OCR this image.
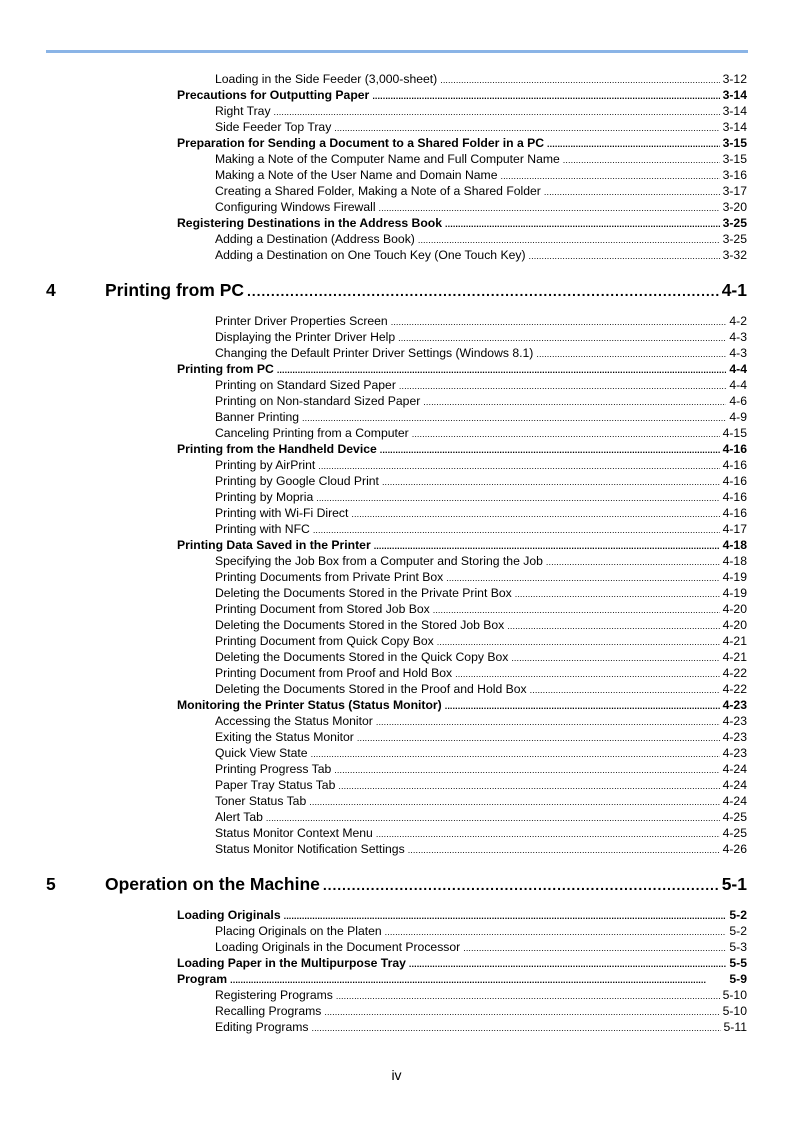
Loading in the Side Feeder (3,000-sheet) . . .	3-12
Precautions for Outputting Paper . . .	3-14
Right Tray . . .	3-14
Side Feeder Top Tray . . .	3-14
Preparation for Sending a Document to a Shared Folder in a PC . . .	3-15
Making a Note of the Computer Name and Full Computer Name . . .	3-15
Making a Note of the User Name and Domain Name . . .	3-16
Creating a Shared Folder, Making a Note of a Shared Folder . . .	3-17
Configuring Windows Firewall . . .	3-20
Registering Destinations in the Address Book . . .	3-25
Adding a Destination (Address Book) . . .	3-25
Adding a Destination on One Touch Key (One Touch Key) . . .	3-32
4	Printing from PC . . .	4-1
Printer Driver Properties Screen . . .	4-2
Displaying the Printer Driver Help . . .	4-3
Changing the Default Printer Driver Settings (Windows 8.1) . . .	4-3
Printing from PC . . .	4-4
Printing on Standard Sized Paper . . .	4-4
Printing on Non-standard Sized Paper . . .	4-6
Banner Printing . . .	4-9
Canceling Printing from a Computer . . .	4-15
Printing from the Handheld Device . . .	4-16
Printing by AirPrint . . .	4-16
Printing by Google Cloud Print . . .	4-16
Printing by Mopria . . .	4-16
Printing with Wi-Fi Direct . . .	4-16
Printing with NFC . . .	4-17
Printing Data Saved in the Printer . . .	4-18
Specifying the Job Box from a Computer and Storing the Job . . .	4-18
Printing Documents from Private Print Box . . .	4-19
Deleting the Documents Stored in the Private Print Box . . .	4-19
Printing Document from Stored Job Box . . .	4-20
Deleting the Documents Stored in the Stored Job Box . . .	4-20
Printing Document from Quick Copy Box . . .	4-21
Deleting the Documents Stored in the Quick Copy Box . . .	4-21
Printing Document from Proof and Hold Box . . .	4-22
Deleting the Documents Stored in the Proof and Hold Box . . .	4-22
Monitoring the Printer Status (Status Monitor) . . .	4-23
Accessing the Status Monitor . . .	4-23
Exiting the Status Monitor . . .	4-23
Quick View State . . .	4-23
Printing Progress Tab . . .	4-24
Paper Tray Status Tab . . .	4-24
Toner Status Tab . . .	4-24
Alert Tab . . .	4-25
Status Monitor Context Menu . . .	4-25
Status Monitor Notification Settings . . .	4-26
5	Operation on the Machine . . .	5-1
Loading Originals . . .	5-2
Placing Originals on the Platen . . .	5-2
Loading Originals in the Document Processor . . .	5-3
Loading Paper in the Multipurpose Tray . . .	5-5
Program . . .	5-9
Registering Programs . . .	5-10
Recalling Programs . . .	5-10
Editing Programs . . .	5-11
iv
